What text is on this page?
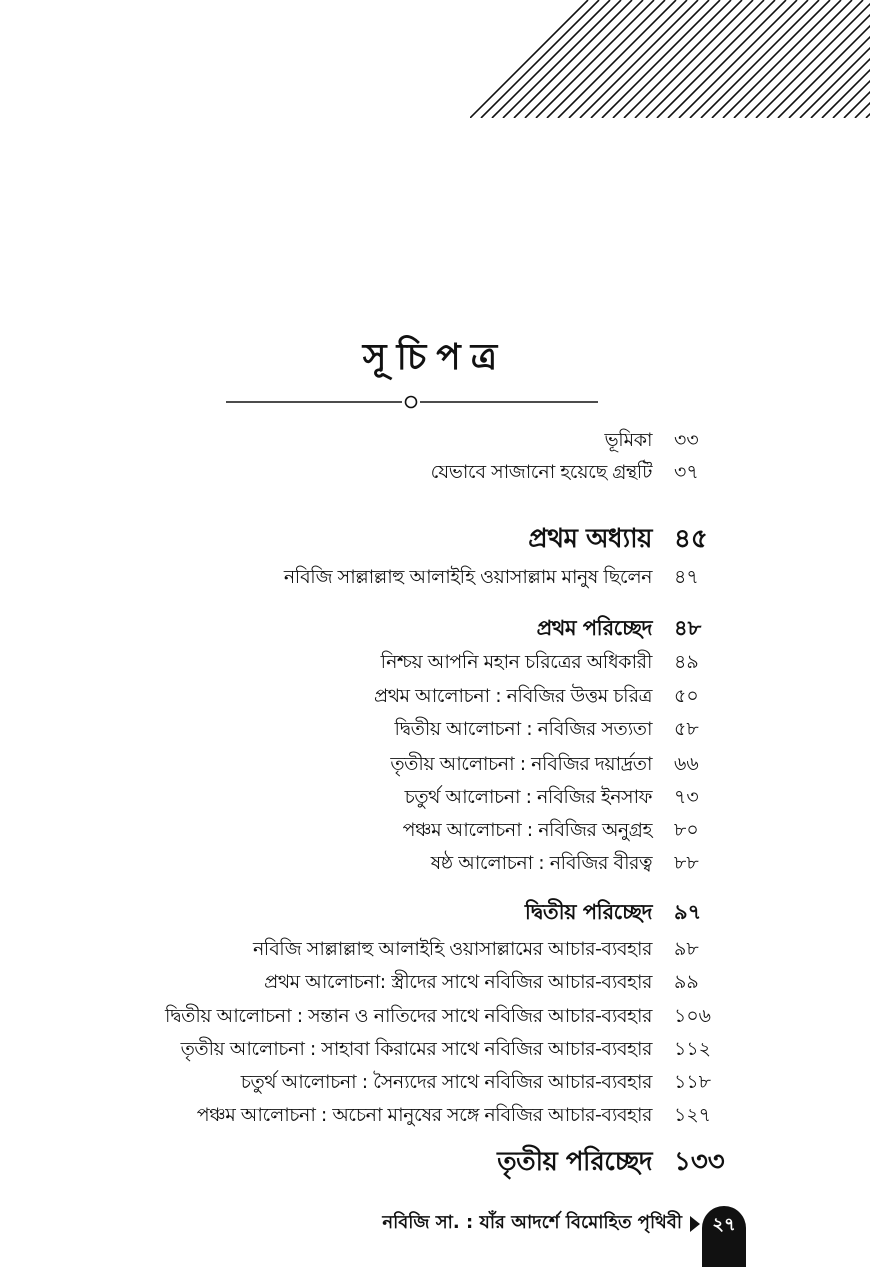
সূচিপত্র
ভূমিকা ৩৩
যেভাবে সাজানো হয়েছে গ্রন্থটি ৩৭
প্রথম অধ্যায় ৪৫
নবিজি সাল্লাল্লাহু আলাইহি ওয়াসাল্লাম মানুষ ছিলেন ৪৭
প্রথম পরিচ্ছেদ ৪৮
নিশ্চয় আপনি মহান চরিত্রের অধিকারী ৪৯
প্রথম আলোচনা : নবিজির উত্তম চরিত্র ৫০
দ্বিতীয় আলোচনা : নবিজির সত্যতা ৫৮
তৃতীয় আলোচনা : নবিজির দয়ার্দ্রতা ৬৬
চতুর্থ আলোচনা : নবিজির ইনসাফ ৭৩
পঞ্চম আলোচনা : নবিজির অনুগ্রহ ৮০
ষষ্ঠ আলোচনা : নবিজির বীরত্ব ৮৮
দ্বিতীয় পরিচ্ছেদ ৯৭
নবিজি সাল্লাল্লাহু আলাইহি ওয়াসাল্লামের আচার-ব্যবহার ৯৮
প্রথম আলোচনা: স্ত্রীদের সাথে নবিজির আচার-ব্যবহার ৯৯
দ্বিতীয় আলোচনা : সন্তান ও নাতিদের সাথে নবিজির আচার-ব্যবহার ১০৬
তৃতীয় আলোচনা : সাহাবা কিরামের সাথে নবিজির আচার-ব্যবহার ১১২
চতুর্থ আলোচনা : সৈন্যদের সাথে নবিজির আচার-ব্যবহার ১১৮
পঞ্চম আলোচনা : অচেনা মানুষের সঙ্গে নবিজির আচার-ব্যবহার ১২৭
তৃতীয় পরিচ্ছেদ ১৩৩
নবিজি সা. : যাঁর আদর্শে বিমোহিত পৃথিবী	২৭
